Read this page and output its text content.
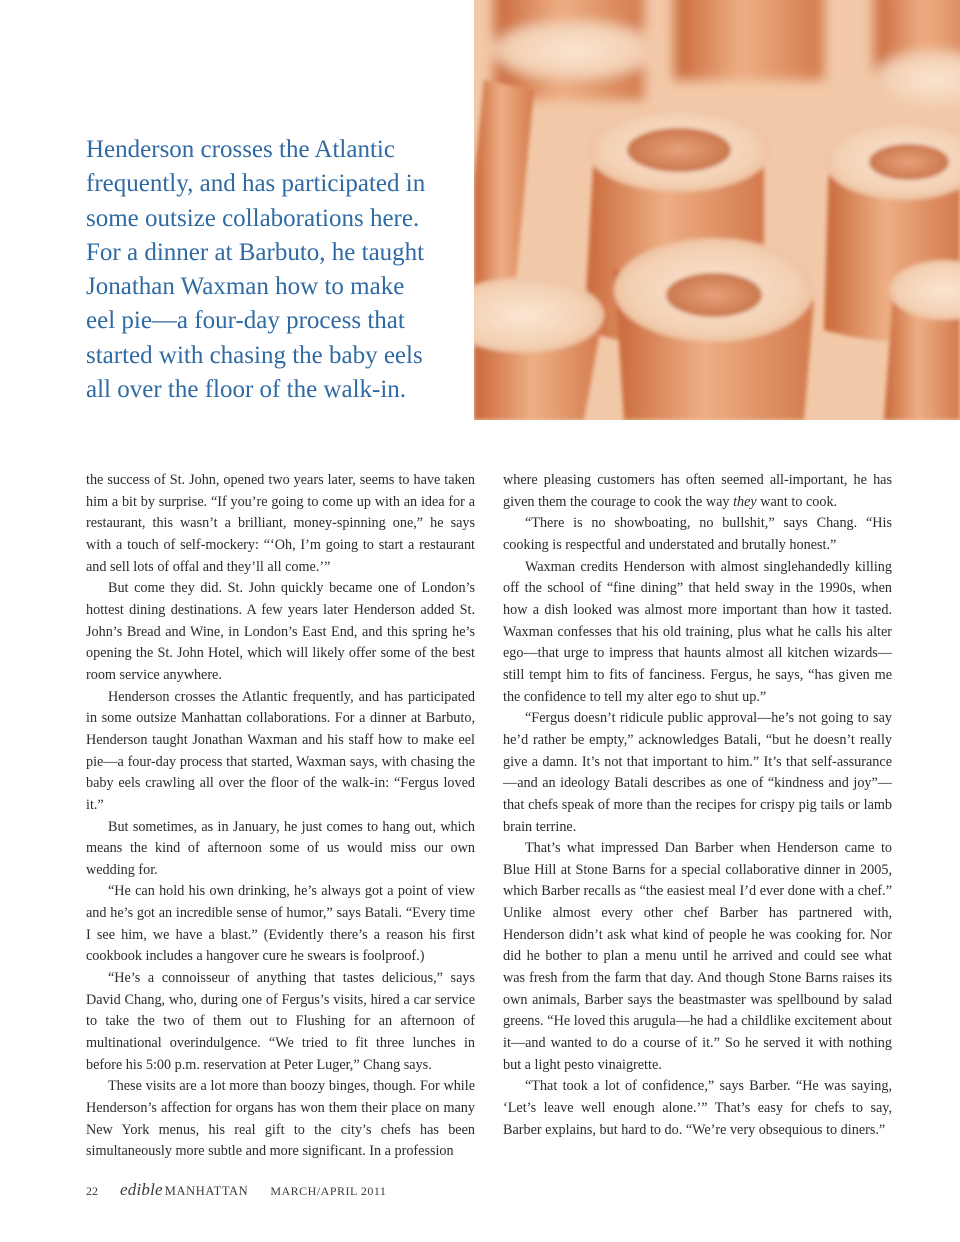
Henderson crosses the Atlantic
frequently, and has participated in
some outsize collaborations here.
For a dinner at Barbuto, he taught
Jonathan Waxman how to make
eel pie—a four-day process that
started with chasing the baby eels
all over the floor of the walk-in.

the success of St. John, opened two years later, seems to have taken him a bit by surprise. “If you’re going to come up with an idea for a restaurant, this wasn’t a brilliant, money-spinning one,” he says with a touch of self-mockery: “‘Oh, I’m going to start a restaurant and sell lots of offal and they’ll all come.’”

But come they did. St. John quickly became one of London’s hottest dining destinations. A few years later Henderson added St. John’s Bread and Wine, in London’s East End, and this spring he’s opening the St. John Hotel, which will likely offer some of the best room service anywhere.

Henderson crosses the Atlantic frequently, and has participated in some outsize Manhattan collaborations. For a dinner at Barbuto, Henderson taught Jonathan Waxman and his staff how to make eel pie—a four-day process that started, Waxman says, with chasing the baby eels crawling all over the floor of the walk-in: “Fergus loved it.”

But sometimes, as in January, he just comes to hang out, which means the kind of afternoon some of us would miss our own wedding for.

“He can hold his own drinking, he’s always got a point of view and he’s got an incredible sense of humor,” says Batali. “Every time I see him, we have a blast.” (Evidently there’s a reason his first cookbook includes a hangover cure he swears is foolproof.)

“He’s a connoisseur of anything that tastes delicious,” says David Chang, who, during one of Fergus’s visits, hired a car service to take the two of them out to Flushing for an afternoon of multinational overindulgence. “We tried to fit three lunches in before his 5:00 p.m. reservation at Peter Luger,” Chang says.

These visits are a lot more than boozy binges, though. For while Henderson’s affection for organs has won them their place on many New York menus, his real gift to the city’s chefs has been simultaneously more subtle and more significant. In a profession

where pleasing customers has often seemed all-important, he has given them the courage to cook the way they want to cook.

“There is no showboating, no bullshit,” says Chang. “His cooking is respectful and understated and brutally honest.”

Waxman credits Henderson with almost singlehandedly killing off the school of “fine dining” that held sway in the 1990s, when how a dish looked was almost more important than how it tasted. Waxman confesses that his old training, plus what he calls his alter ego—that urge to impress that haunts almost all kitchen wizards—still tempt him to fits of fanciness. Fergus, he says, “has given me the confidence to tell my alter ego to shut up.”

“Fergus doesn’t ridicule public approval—he’s not going to say he’d rather be empty,” acknowledges Batali, “but he doesn’t really give a damn. It’s not that important to him.” It’s that self-assurance—and an ideology Batali describes as one of “kindness and joy”—that chefs speak of more than the recipes for crispy pig tails or lamb brain terrine.

That’s what impressed Dan Barber when Henderson came to Blue Hill at Stone Barns for a special collaborative dinner in 2005, which Barber recalls as “the easiest meal I’d ever done with a chef.” Unlike almost every other chef Barber has partnered with, Henderson didn’t ask what kind of people he was cooking for. Nor did he bother to plan a menu until he arrived and could see what was fresh from the farm that day. And though Stone Barns raises its own animals, Barber says the beastmaster was spellbound by salad greens. “He loved this arugula—he had a childlike excitement about it—and wanted to do a course of it.” So he served it with nothing but a light pesto vinaigrette.

“That took a lot of confidence,” says Barber. “He was saying, ‘Let’s leave well enough alone.’” That’s easy for chefs to say, Barber explains, but hard to do. “We’re very obsequious to diners.”

22 edible MANHATTAN MARCH/APRIL 2011
